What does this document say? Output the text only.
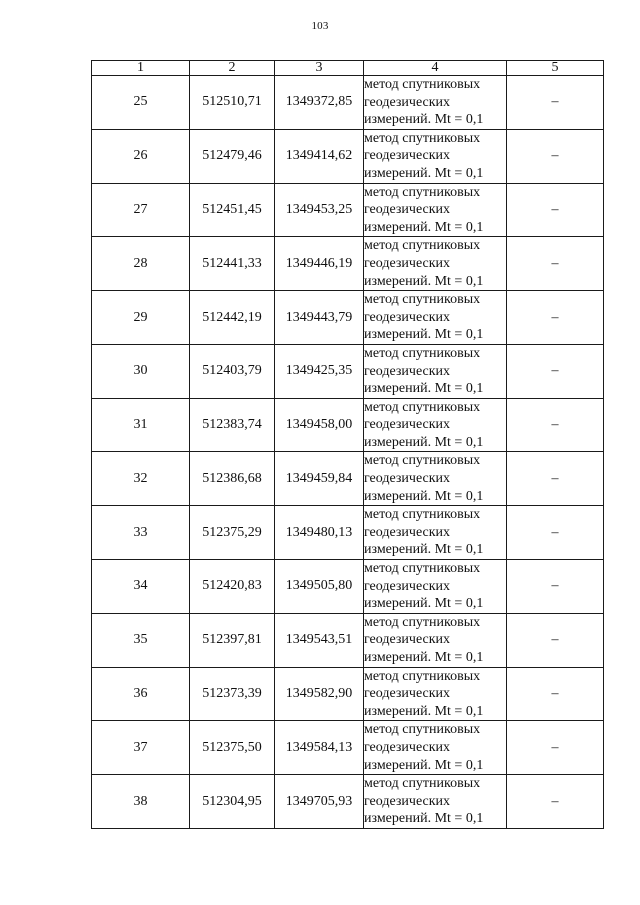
103
1	2	3	4	5
25	512510,71	1349372,85	метод спутниковых
геодезических
измерений. Mt = 0,1	–
26	512479,46	1349414,62	метод спутниковых
геодезических
измерений. Mt = 0,1	–
27	512451,45	1349453,25	метод спутниковых
геодезических
измерений. Mt = 0,1	–
28	512441,33	1349446,19	метод спутниковых
геодезических
измерений. Mt = 0,1	–
29	512442,19	1349443,79	метод спутниковых
геодезических
измерений. Mt = 0,1	–
30	512403,79	1349425,35	метод спутниковых
геодезических
измерений. Mt = 0,1	–
31	512383,74	1349458,00	метод спутниковых
геодезических
измерений. Mt = 0,1	–
32	512386,68	1349459,84	метод спутниковых
геодезических
измерений. Mt = 0,1	–
33	512375,29	1349480,13	метод спутниковых
геодезических
измерений. Mt = 0,1	–
34	512420,83	1349505,80	метод спутниковых
геодезических
измерений. Mt = 0,1	–
35	512397,81	1349543,51	метод спутниковых
геодезических
измерений. Mt = 0,1	–
36	512373,39	1349582,90	метод спутниковых
геодезических
измерений. Mt = 0,1	–
37	512375,50	1349584,13	метод спутниковых
геодезических
измерений. Mt = 0,1	–
38	512304,95	1349705,93	метод спутниковых
геодезических
измерений. Mt = 0,1	–
